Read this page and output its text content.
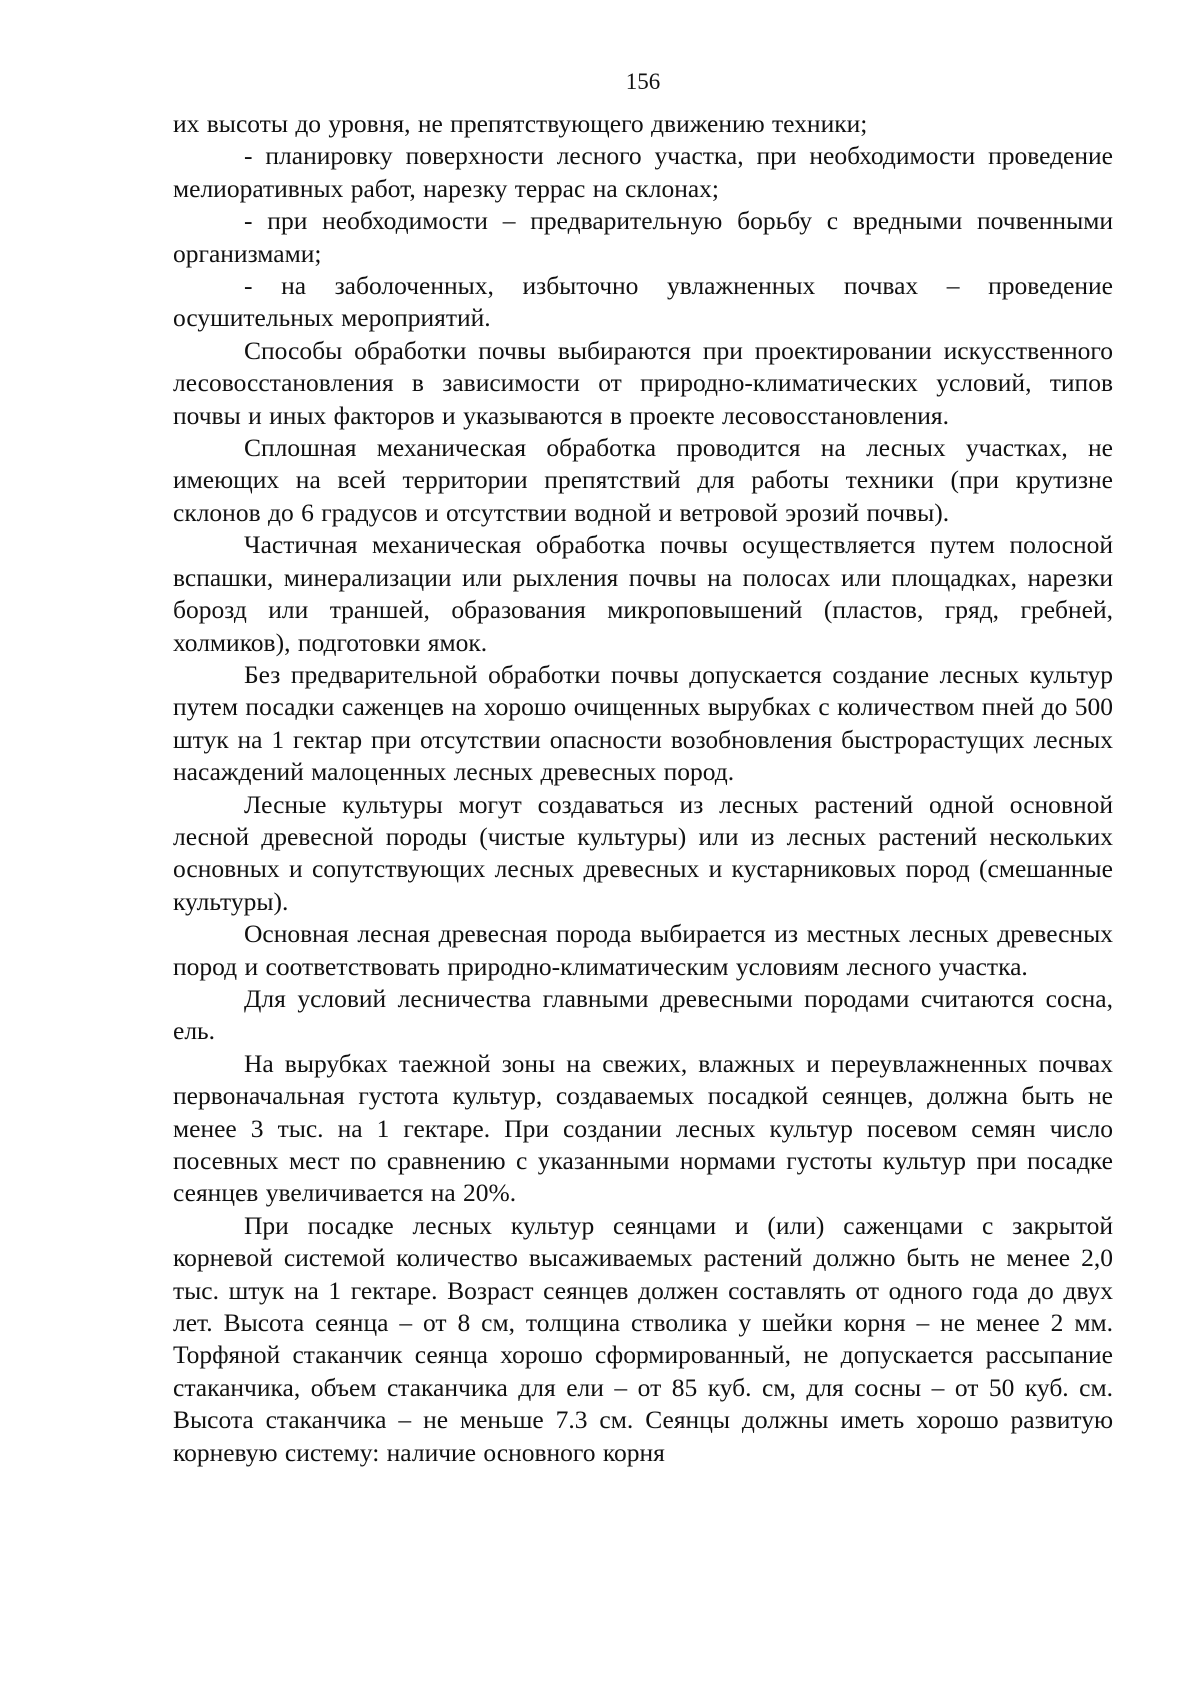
156

их высоты до уровня, не препятствующего движению техники;

- планировку поверхности лесного участка, при необходимости проведение мелиоративных работ, нарезку террас на склонах;

- при необходимости – предварительную борьбу с вредными почвенными организмами;

- на заболоченных, избыточно увлажненных почвах – проведение осушительных мероприятий.

Способы обработки почвы выбираются при проектировании искусственного лесовосстановления в зависимости от природно-климатических условий, типов почвы и иных факторов и указываются в проекте лесовосстановления.

Сплошная механическая обработка проводится на лесных участках, не имеющих на всей территории препятствий для работы техники (при крутизне склонов до 6 градусов и отсутствии водной и ветровой эрозий почвы).

Частичная механическая обработка почвы осуществляется путем полосной вспашки, минерализации или рыхления почвы на полосах или площадках, нарезки борозд или траншей, образования микроповышений (пластов, гряд, гребней, холмиков), подготовки ямок.

Без предварительной обработки почвы допускается создание лесных культур путем посадки саженцев на хорошо очищенных вырубках с количеством пней до 500 штук на 1 гектар при отсутствии опасности возобновления быстрорастущих лесных насаждений малоценных лесных древесных пород.

Лесные культуры могут создаваться из лесных растений одной основной лесной древесной породы (чистые культуры) или из лесных растений нескольких основных и сопутствующих лесных древесных и кустарниковых пород (смешанные культуры).

Основная лесная древесная порода выбирается из местных лесных древесных пород и соответствовать природно-климатическим условиям лесного участка.

Для условий лесничества главными древесными породами считаются сосна, ель.

На вырубках таежной зоны на свежих, влажных и переувлажненных почвах первоначальная густота культур, создаваемых посадкой сеянцев, должна быть не менее 3 тыс. на 1 гектаре. При создании лесных культур посевом семян число посевных мест по сравнению с указанными нормами густоты культур при посадке сеянцев увеличивается на 20%.

При посадке лесных культур сеянцами и (или) саженцами с закрытой корневой системой количество высаживаемых растений должно быть не менее 2,0 тыс. штук на 1 гектаре. Возраст сеянцев должен составлять от одного года до двух лет. Высота сеянца – от 8 см, толщина стволика у шейки корня – не менее 2 мм. Торфяной стаканчик сеянца хорошо сформированный, не допускается рассыпание стаканчика, объем стаканчика для ели – от 85 куб. см, для сосны – от 50 куб. см. Высота стаканчика – не меньше 7.3 см. Сеянцы должны иметь хорошо развитую корневую систему: наличие основного корня
